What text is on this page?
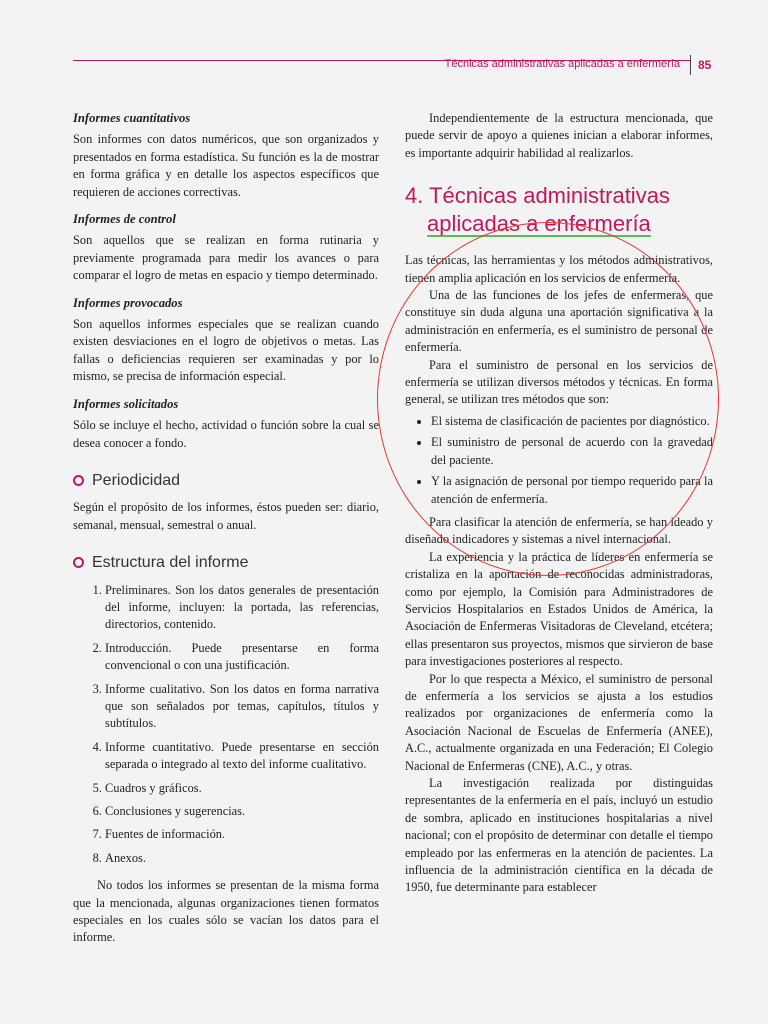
Técnicas administrativas aplicadas a enfermería 85
Informes cuantitativos

Son informes con datos numéricos, que son organizados y presentados en forma estadística. Su función es la de mostrar en forma gráfica y en detalle los aspectos específicos que requieren de acciones correctivas.

Informes de control

Son aquellos que se realizan en forma rutinaria y previamente programada para medir los avances o para comparar el logro de metas en espacio y tiempo determinado.

Informes provocados

Son aquellos informes especiales que se realizan cuando existen desviaciones en el logro de objetivos o metas. Las fallas o deficiencias requieren ser examinadas y por lo mismo, se precisa de información especial.

Informes solicitados

Sólo se incluye el hecho, actividad o función sobre la cual se desea conocer a fondo.

Periodicidad

Según el propósito de los informes, éstos pueden ser: diario, semanal, mensual, semestral o anual.

Estructura del informe
1. Preliminares. Son los datos generales de presentación del informe, incluyen: la portada, las referencias, directorios, contenido.
2. Introducción. Puede presentarse en forma convencional o con una justificación.
3. Informe cualitativo. Son los datos en forma narrativa que son señalados por temas, capítulos, títulos y subtítulos.
4. Informe cuantitativo. Puede presentarse en sección separada o integrado al texto del informe cualitativo.
5. Cuadros y gráficos.
6. Conclusiones y sugerencias.
7. Fuentes de información.
8. Anexos.

No todos los informes se presentan de la misma forma que la mencionada, algunas organizaciones tienen formatos especiales en los cuales sólo se vacían los datos para el informe.

Independientemente de la estructura mencionada, que puede servir de apoyo a quienes inician a elaborar informes, es importante adquirir habilidad al realizarlos.

4. Técnicas administrativas
aplicadas a enfermería

Las técnicas, las herramientas y los métodos administrativos, tienen amplia aplicación en los servicios de enfermería.

Una de las funciones de los jefes de enfermeras, que constituye sin duda alguna una aportación significativa a la administración en enfermería, es el suministro de personal de enfermería.

Para el suministro de personal en los servicios de enfermería se utilizan diversos métodos y técnicas. En forma general, se utilizan tres métodos que son:

• El sistema de clasificación de pacientes por diagnóstico.
• El suministro de personal de acuerdo con la gravedad del paciente.
• Y la asignación de personal por tiempo requerido para la atención de enfermería.

Para clasificar la atención de enfermería, se han ideado y diseñado indicadores y sistemas a nivel internacional.

La experiencia y la práctica de líderes en enfermería se cristaliza en la aportación de reconocidas administradoras, como por ejemplo, la Comisión para Administradores de Servicios Hospitalarios en Estados Unidos de América, la Asociación de Enfermeras Visitadoras de Cleveland, etcétera; ellas presentaron sus proyectos, mismos que sirvieron de base para investigaciones posteriores al respecto.

Por lo que respecta a México, el suministro de personal de enfermería a los servicios se ajusta a los estudios realizados por organizaciones de enfermería como la Asociación Nacional de Escuelas de Enfermería (ANEE), A.C., actualmente organizada en una Federación; El Colegio Nacional de Enfermeras (CNE), A.C., y otras.

La investigación realizada por distinguidas representantes de la enfermería en el país, incluyó un estudio de sombra, aplicado en instituciones hospitalarias a nivel nacional; con el propósito de determinar con detalle el tiempo empleado por las enfermeras en la atención de pacientes. La influencia de la administración científica en la década de 1950, fue determinante para establecer
